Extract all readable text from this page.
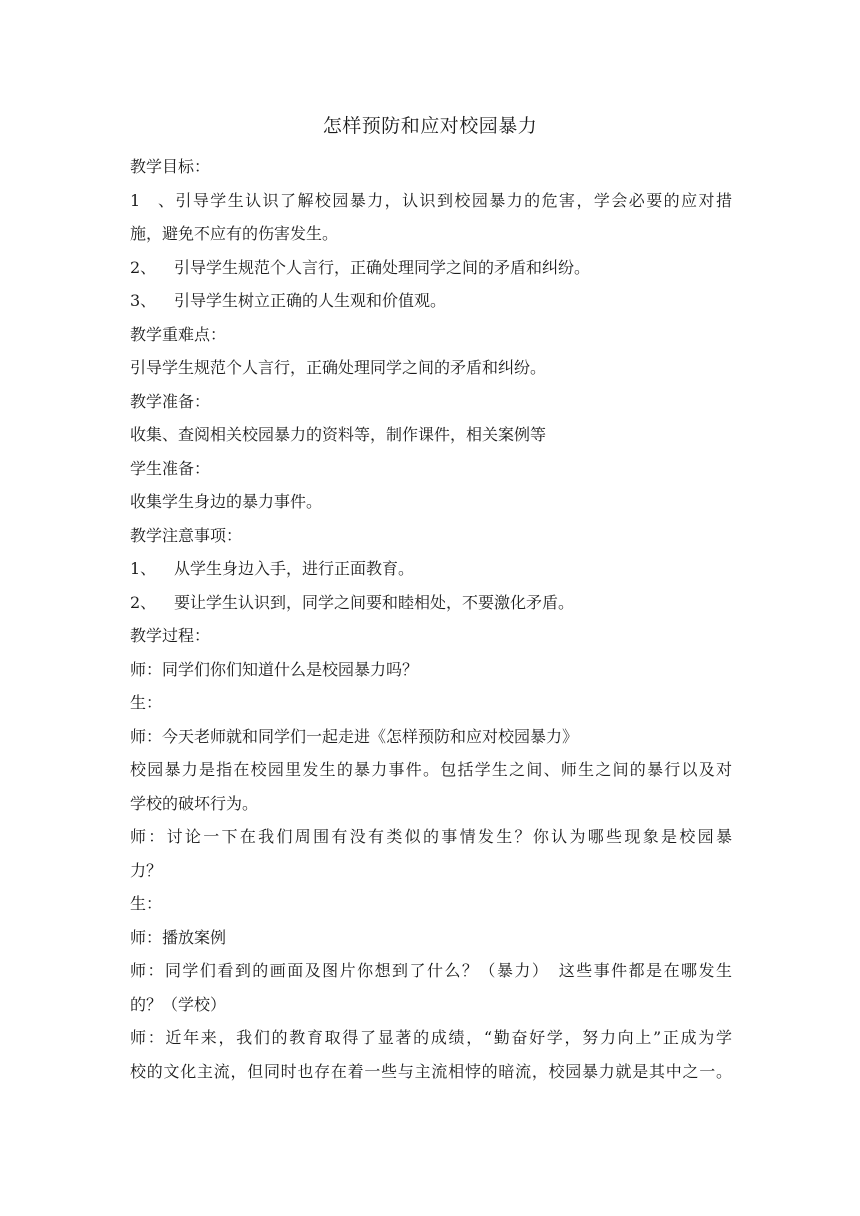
怎样预防和应对校园暴力
教学目标：
1、引导学生认识了解校园暴力，认识到校园暴力的危害，学会必要的应对措
施，避免不应有的伤害发生。
2、 引导学生规范个人言行，正确处理同学之间的矛盾和纠纷。
3、 引导学生树立正确的人生观和价值观。
教学重难点：
引导学生规范个人言行，正确处理同学之间的矛盾和纠纷。
教学准备：
收集、查阅相关校园暴力的资料等，制作课件，相关案例等
学生准备：
收集学生身边的暴力事件。
教学注意事项：
1、 从学生身边入手，进行正面教育。
2、 要让学生认识到，同学之间要和睦相处，不要激化矛盾。
教学过程：
师：同学们你们知道什么是校园暴力吗？
生：
师：今天老师就和同学们一起走进《怎样预防和应对校园暴力》
校园暴力是指在校园里发生的暴力事件。包括学生之间、师生之间的暴行以及对
学校的破坏行为。
师：讨论一下在我们周围有没有类似的事情发生？你认为哪些现象是校园暴
力？
生：
师：播放案例
师：同学们看到的画面及图片你想到了什么？（暴力）　这些事件都是在哪发生
的？（学校）
师：近年来，我们的教育取得了显著的成绩，“勤奋好学，努力向上”正成为学
校的文化主流，但同时也存在着一些与主流相悖的暗流，校园暴力就是其中之一。
